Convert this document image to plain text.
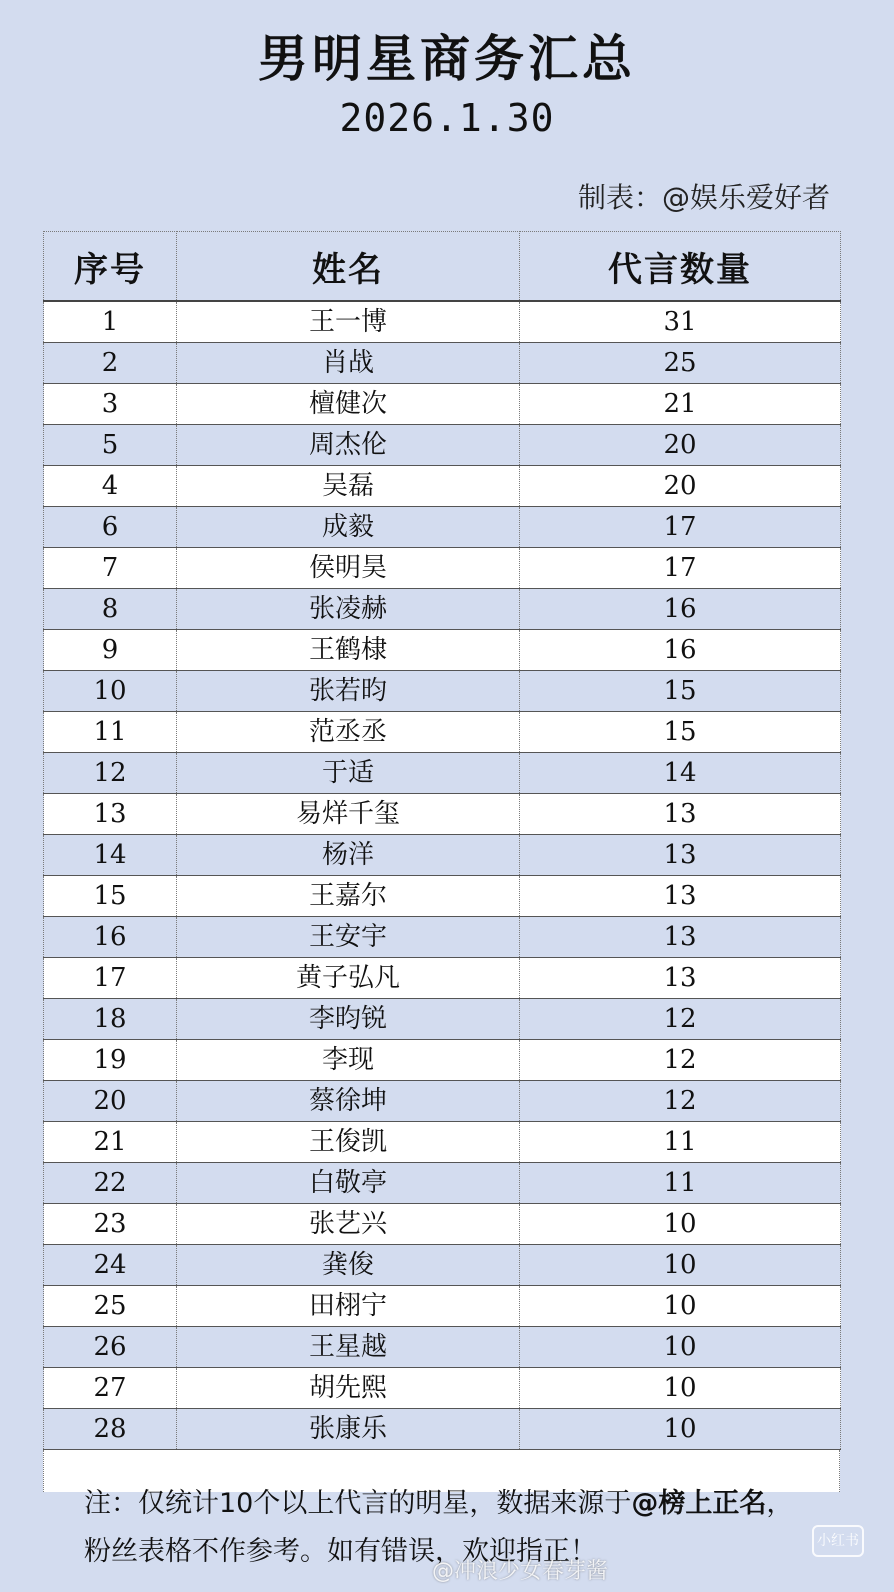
男明星商务汇总
2026.1.30
制表：@娱乐爱好者
序号	姓名	代言数量
1	王一博	31
2	肖战	25
3	檀健次	21
5	周杰伦	20
4	吴磊	20
6	成毅	17
7	侯明昊	17
8	张凌赫	16
9	王鹤棣	16
10	张若昀	15
11	范丞丞	15
12	于适	14
13	易烊千玺	13
14	杨洋	13
15	王嘉尔	13
16	王安宇	13
17	黄子弘凡	13
18	李昀锐	12
19	李现	12
20	蔡徐坤	12
21	王俊凯	11
22	白敬亭	11
23	张艺兴	10
24	龚俊	10
25	田栩宁	10
26	王星越	10
27	胡先熙	10
28	张康乐	10
注：仅统计10个以上代言的明星，数据来源于@榜上正名，粉丝表格不作参考。如有错误，欢迎指正！
@冲浪少女春芽酱
小红书
